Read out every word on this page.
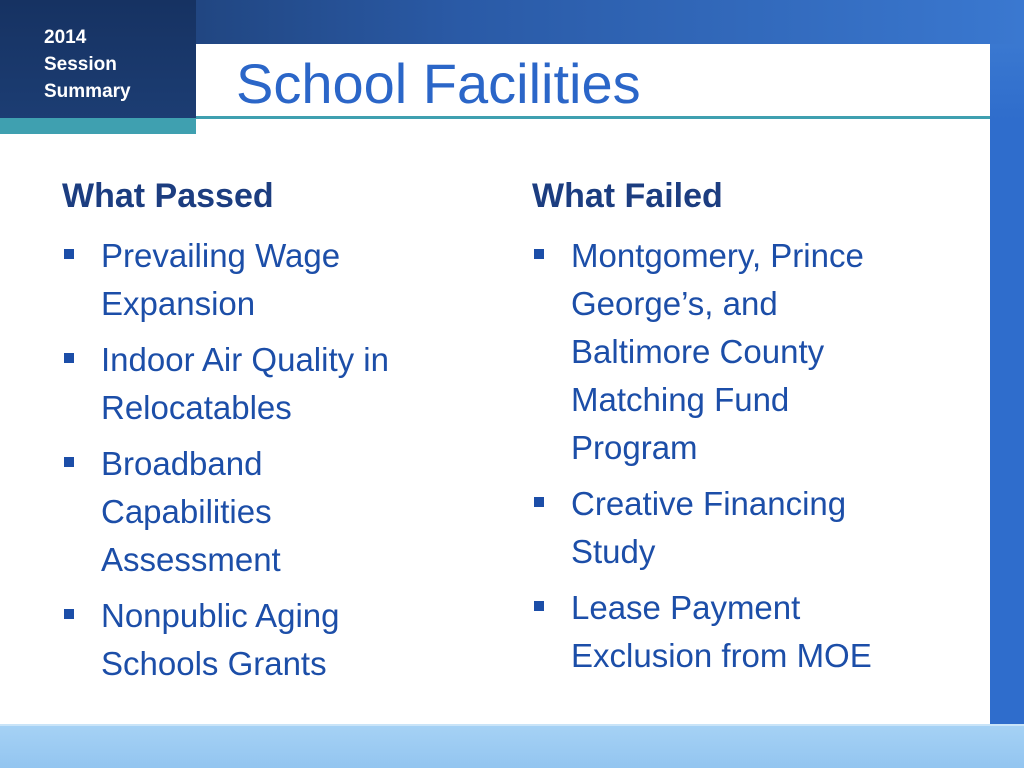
2014
Session
Summary School Facilities
What Passed
Prevailing Wage
Expansion
Indoor Air Quality in
Relocatables
Broadband
Capabilities
Assessment
Nonpublic Aging
Schools Grants
What Failed
Montgomery, Prince
George’s, and
Baltimore County
Matching Fund
Program
Creative Financing
Study
Lease Payment
Exclusion from MOE
